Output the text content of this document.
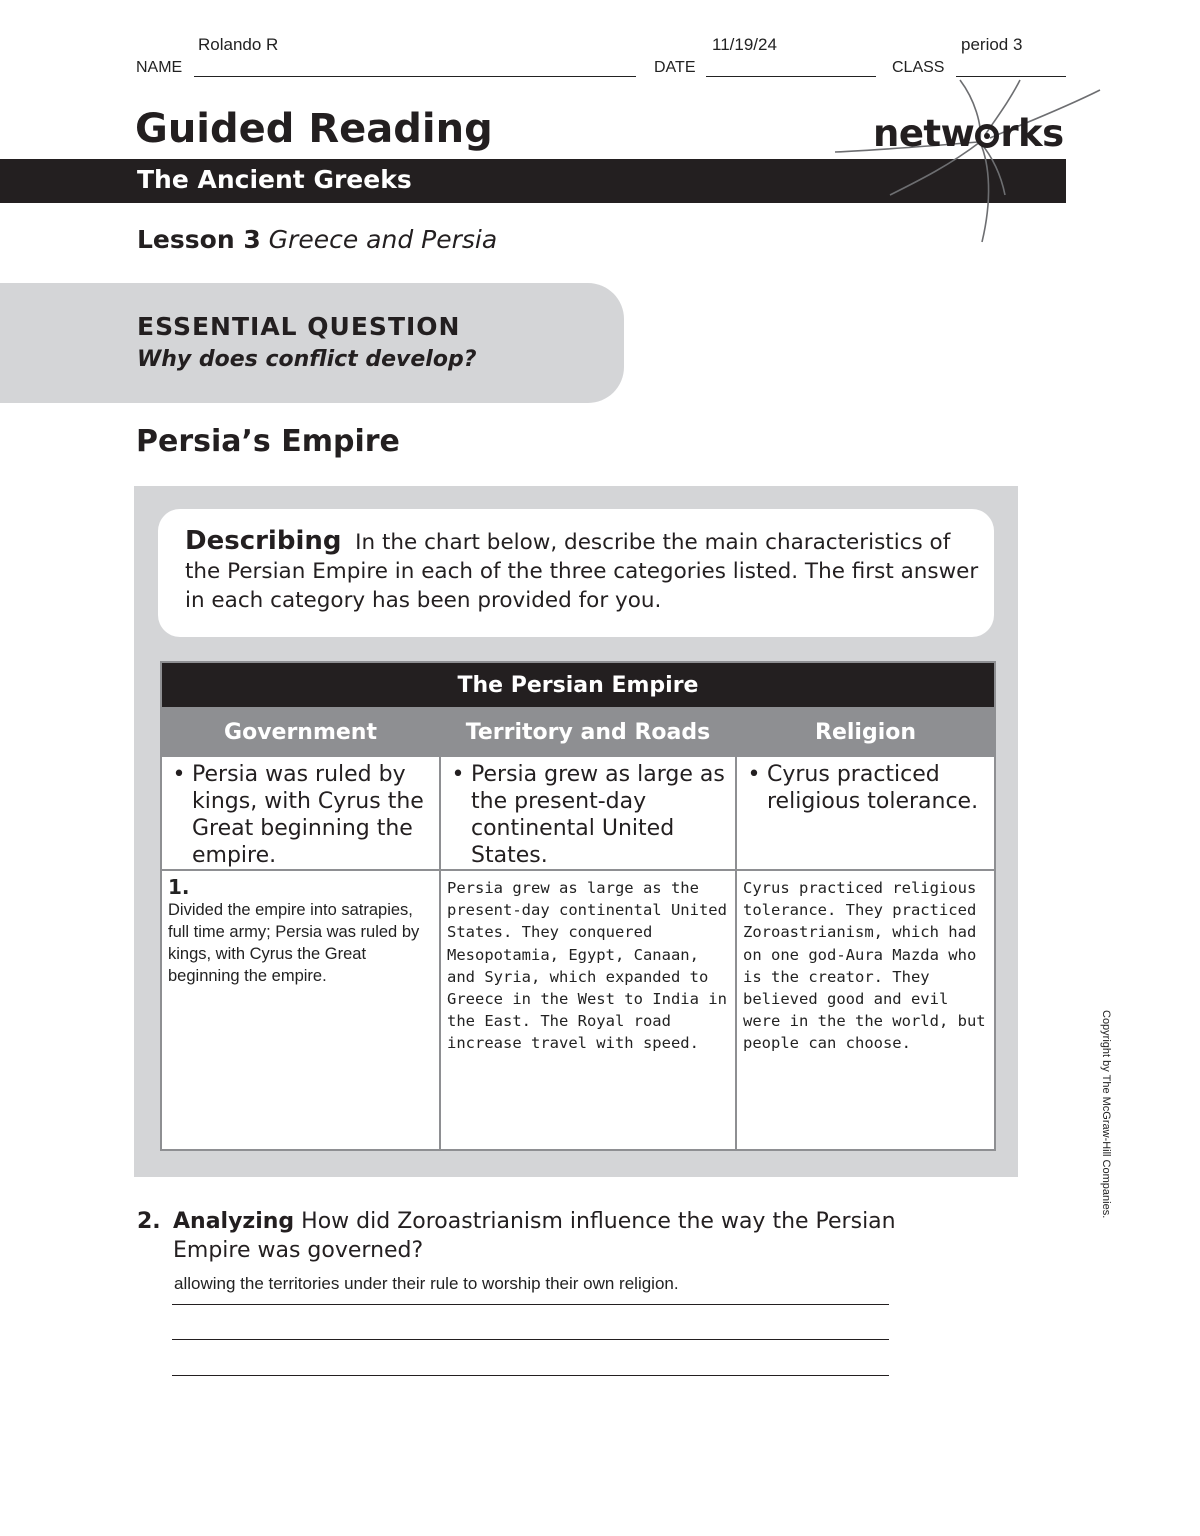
NAME
Rolando R
DATE
11/19/24
CLASS
period 3
Guided Reading
The Ancient Greeks
netw rks
Lesson 3 Greece and Persia
ESSENTIAL QUESTION
Why does conflict develop?
Persia’s Empire
Describing In the chart below, describe the main characteristics of the Persian Empire in each of the three categories listed. The first answer in each category has been provided for you.
The Persian Empire		
Government	Territory and Roads	Religion

• Persia was ruled by kings, with Cyrus the Great beginning the empire.	• Persia grew as large as the present-day continental United States.	• Cyrus practiced religious tolerance.

1.
Divided the empire into satrapies, full time army; Persia was ruled by kings, with Cyrus the Great beginning the empire.	Persia grew as large as the present-day continental United States. They conquered Mesopotamia, Egypt, Canaan, and Syria, which expanded to Greece in the West to India in the East. The Royal road increase travel with speed.	Cyrus practiced religious tolerance. They practiced Zoroastrianism, which had on one god-Aura Mazda who is the creator. They believed good and evil were in the the world, but people can choose.
2. Analyzing How did Zoroastrianism influence the way the Persian Empire was governed?
allowing the territories under their rule to worship their own religion.
Copyright by The McGraw-Hill Companies.
